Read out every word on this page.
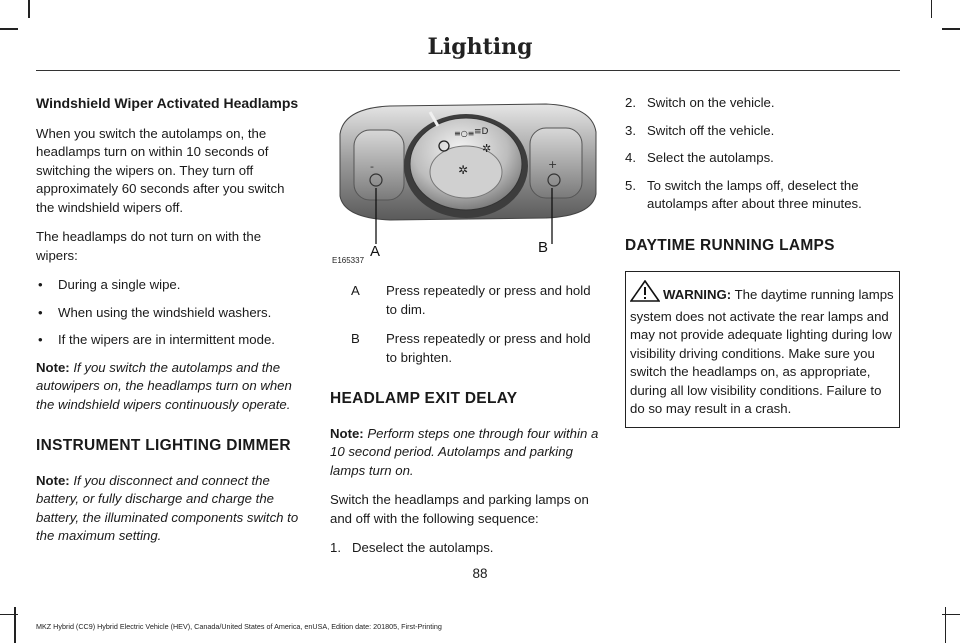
Lighting

Windshield Wiper Activated Headlamps

When you switch the autolamps on, the headlamps turn on within 10 seconds of switching the wipers on. They turn off approximately 60 seconds after you switch the windshield wipers off.

The headlamps do not turn on with the wipers:

• During a single wipe.
• When using the windshield washers.
• If the wipers are in intermittent mode.

Note: If you switch the autolamps and the autowipers on, the headlamps turn on when the windshield wipers continuously operate.

INSTRUMENT LIGHTING DIMMER

Note: If you disconnect and connect the battery, or fully discharge and charge the battery, the illuminated components switch to the maximum setting.

≡○≡ ≡D
✲
✲
-	+
A	B
E165337
A	Press repeatedly or press and hold to dim.
B	Press repeatedly or press and hold to brighten.

HEADLAMP EXIT DELAY

Note: Perform steps one through four within a 10 second period. Autolamps and parking lamps turn on.

Switch the headlamps and parking lamps on and off with the following sequence:

1. Deselect the autolamps.
2. Switch on the vehicle.
3. Switch off the vehicle.
4. Select the autolamps.
5. To switch the lamps off, deselect the autolamps after about three minutes.

DAYTIME RUNNING LAMPS

WARNING: The daytime running lamps system does not activate the rear lamps and may not provide adequate lighting during low visibility driving conditions. Make sure you switch the headlamps on, as appropriate, during all low visibility conditions. Failure to do so may result in a crash.
88
MKZ Hybrid (CC9) Hybrid Electric Vehicle (HEV), Canada/United States of America, enUSA, Edition date: 201805, First-Printing
